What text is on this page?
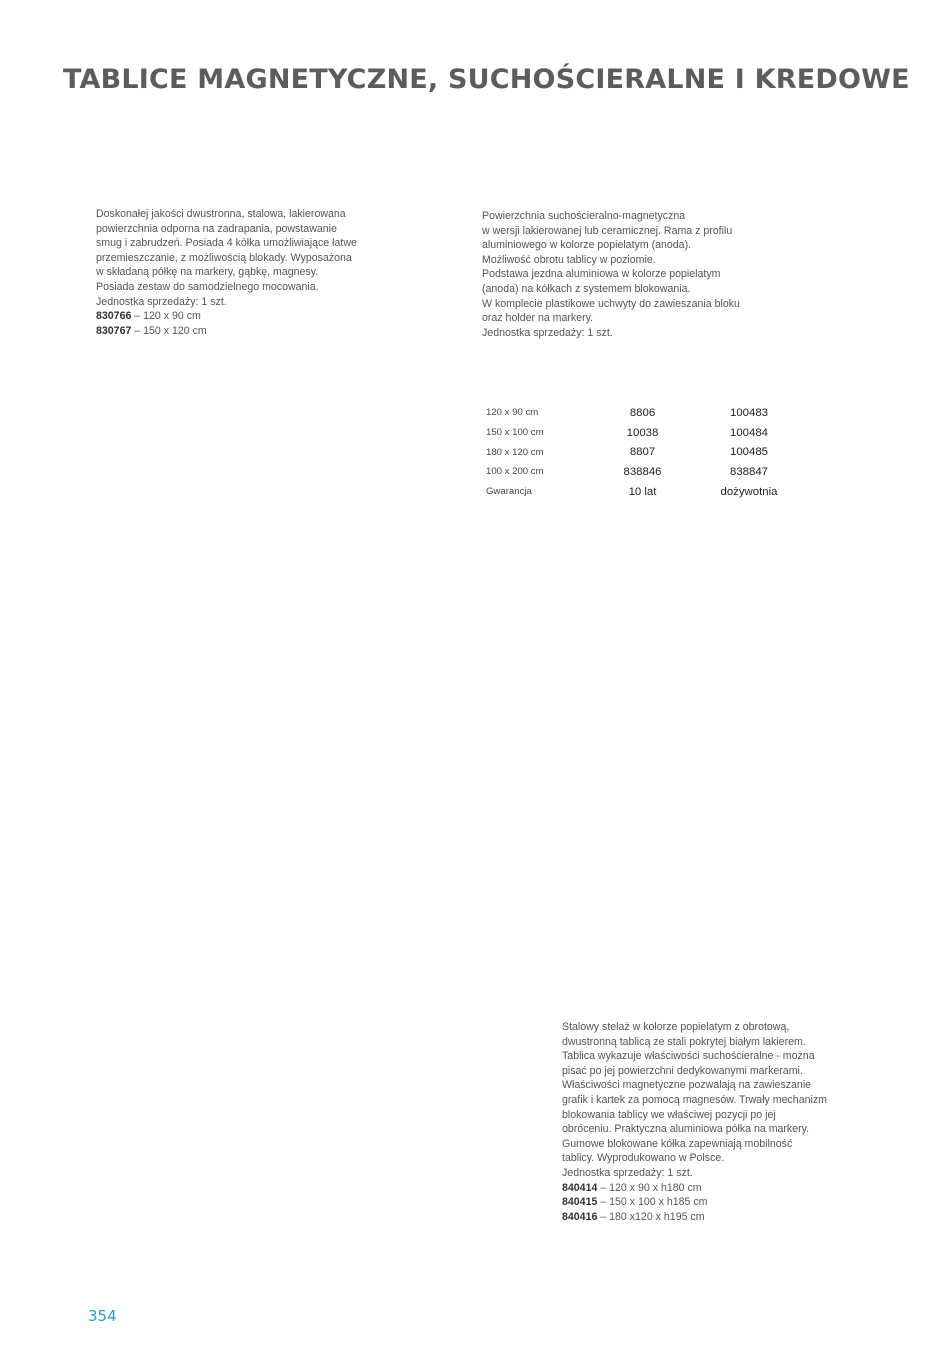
TABLICE MAGNETYCZNE, SUCHOŚCIERALNE I KREDOWE
Doskonałej jakości dwustronna, stalowa, lakierowana
powierzchnia odporna na zadrapania, powstawanie
smug i zabrudzeń. Posiada 4 kółka umożliwiające łatwe
przemieszczanie, z możliwością blokady. Wyposażona
w składaną półkę na markery, gąbkę, magnesy.
Posiada zestaw do samodzielnego mocowania.
Jednostka sprzedaży: 1 szt.
830766 – 120 x 90 cm
830767 – 150 x 120 cm
Powierzchnia suchościeralno-magnetyczna
w wersji lakierowanej lub ceramicznej. Rama z profilu
aluminiowego w kolorze popielatym (anoda).
Możliwość obrotu tablicy w poziomie.
Podstawa jezdna aluminiowa w kolorze popielatym
(anoda) na kółkach z systemem blokowania.
W komplecie plastikowe uchwyty do zawieszania bloku
oraz holder na markery.
Jednostka sprzedaży: 1 szt.
120 x 90 cm	8806	100483
150 x 100 cm	10038	100484
180 x 120 cm	8807	100485
100 x 200 cm	838846	838847
Gwarancja	10 lat	dożywotnia
Stalowy stelaż w kolorze popielatym z obrotową,
dwustronną tablicą ze stali pokrytej białym lakierem.
Tablica wykazuje właściwości suchościeralne - można
pisać po jej powierzchni dedykowanymi markerami.
Właściwości magnetyczne pozwalają na zawieszanie
grafik i kartek za pomocą magnesów. Trwały mechanizm
blokowania tablicy we właściwej pozycji po jej
obróceniu. Praktyczna aluminiowa półka na markery.
Gumowe blokowane kółka zapewniają mobilność
tablicy. Wyprodukowano w Polsce.
Jednostka sprzedaży: 1 szt.
840414 – 120 x 90 x h180 cm
840415 – 150 x 100 x h185 cm
840416 – 180 x120 x h195 cm
354
